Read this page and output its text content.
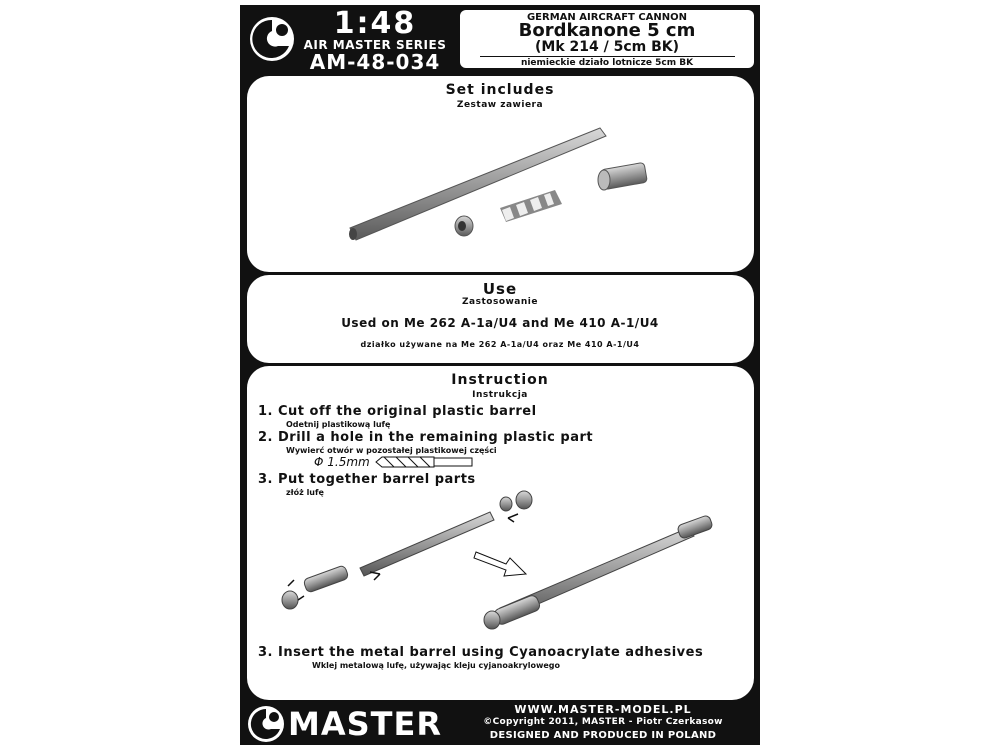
1:48
AIR MASTER SERIES
AM-48-034
GERMAN AIRCRAFT CANNON
Bordkanone 5 cm
(Mk 214 / 5cm BK)
niemieckie działo lotnicze 5cm BK
Set includes
Zestaw zawiera
Use
Zastosowanie
Used on Me 262 A-1a/U4 and Me 410 A-1/U4
działko używane na Me 262 A-1a/U4 oraz Me 410 A-1/U4
Instruction
Instrukcja
1. Cut off the original plastic barrel
Odetnij plastikową lufę
2. Drill a hole in the remaining plastic part
Wywierć otwór w pozostałej plastikowej części
Φ 1.5mm
3. Put together barrel parts
złóż lufę
3. Insert the metal barrel using Cyanoacrylate adhesives
Wklej metalową lufę, używając kleju cyjanoakrylowego
MASTER	WWW.MASTER-MODEL.PL
©Copyright 2011, MASTER - Piotr Czerkasow
DESIGNED AND PRODUCED IN POLAND
